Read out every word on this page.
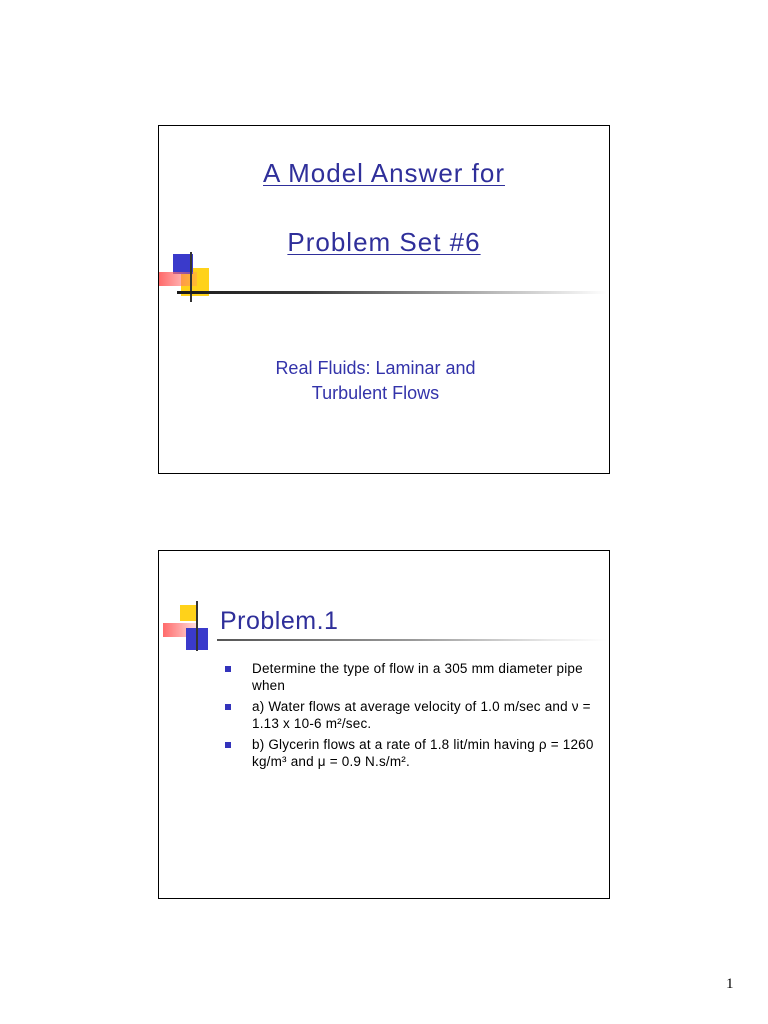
A Model Answer for
Problem Set #6
Real Fluids: Laminar and
Turbulent Flows
Problem.1
Determine the type of flow in a 305 mm diameter pipe when
a) Water flows at average velocity of 1.0 m/sec and ν = 1.13 x 10-6 m²/sec.
b) Glycerin flows at a rate of 1.8 lit/min having ρ = 1260 kg/m³ and μ = 0.9 N.s/m².
1
